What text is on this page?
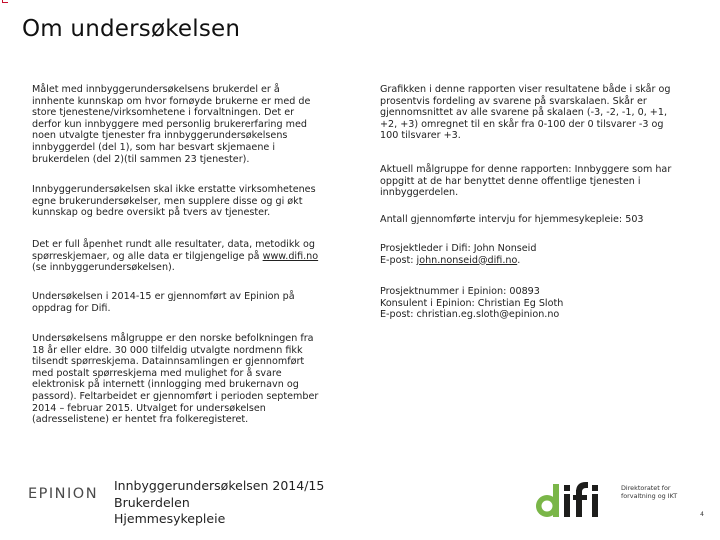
Om undersøkelsen

Målet med innbyggerundersøkelsens brukerdel er å
innhente kunnskap om hvor fornøyde brukerne er med de
store tjenestene/virksomhetene i forvaltningen. Det er
derfor kun innbyggere med personlig brukererfaring med
noen utvalgte tjenester fra innbyggerundersøkelsens
innbyggerdel (del 1), som har besvart skjemaene i
brukerdelen (del 2)(til sammen 23 tjenester).

Innbyggerundersøkelsen skal ikke erstatte virksomhetenes
egne brukerundersøkelser, men supplere disse og gi økt
kunnskap og bedre oversikt på tvers av tjenester.

Det er full åpenhet rundt alle resultater, data, metodikk og
spørreskjemaer, og alle data er tilgjengelige på www.difi.no
(se innbyggerundersøkelsen).

Undersøkelsen i 2014-15 er gjennomført av Epinion på
oppdrag for Difi.

Undersøkelsens målgruppe er den norske befolkningen fra
18 år eller eldre. 30 000 tilfeldig utvalgte nordmenn fikk
tilsendt spørreskjema. Datainnsamlingen er gjennomført
med postalt spørreskjema med mulighet for å svare
elektronisk på internett (innlogging med brukernavn og
passord). Feltarbeidet er gjennomført i perioden september
2014 – februar 2015. Utvalget for undersøkelsen
(adresselistene) er hentet fra folkeregisteret.

Grafikken i denne rapporten viser resultatene både i skår og
prosentvis fordeling av svarene på svarskalaen. Skår er
gjennomsnittet av alle svarene på skalaen (-3, -2, -1, 0, +1,
+2, +3) omregnet til en skår fra 0-100 der 0 tilsvarer -3 og
100 tilsvarer +3.

Aktuell målgruppe for denne rapporten: Innbyggere som har
oppgitt at de har benyttet denne offentlige tjenesten i
innbyggerdelen.

Antall gjennomførte intervju for hjemmesykepleie: 503

Prosjektleder i Difi: John Nonseid
E-post: john.nonseid@difi.no.

Prosjektnummer i Epinion: 00893
Konsulent i Epinion: Christian Eg Sloth
E-post: christian.eg.sloth@epinion.no

EPINION
Innbyggerundersøkelsen 2014/15
Brukerdelen
Hjemmesykepleie
Direktoratet for
forvaltning og IKT
4
